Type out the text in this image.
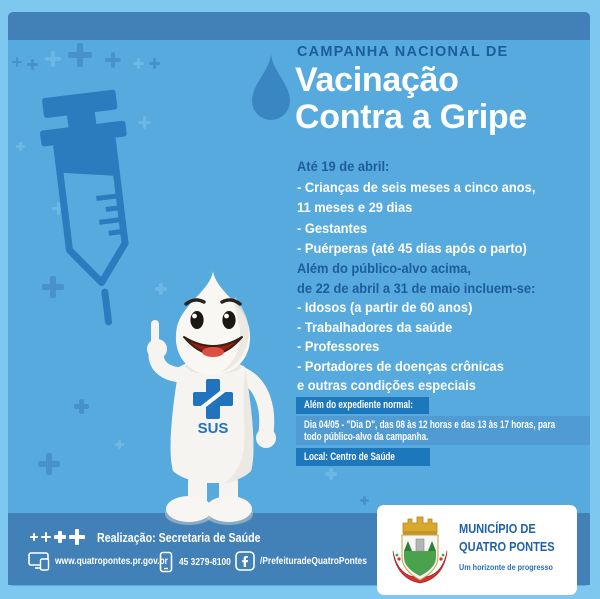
CAMPANHA NACIONAL DE
Vacinação
Contra a Gripe
Até 19 de abril:
- Crianças de seis meses a cinco anos,
11 meses e 29 dias
- Gestantes
- Puérperas (até 45 dias após o parto)
Além do público-alvo acima,
de 22 de abril a 31 de maio incluem-se:
- Idosos (a partir de 60 anos)
- Trabalhadores da saúde
- Professores
- Portadores de doenças crônicas
e outras condições especiais
Além do expediente normal:
Dia 04/05 - "Dia D", das 08 às 12 horas e das 13 às 17 horas, para
todo público-alvo da campanha.
Local: Centro de Saúde
SUS
Realização: Secretaria de Saúde
www.quatropontes.pr.gov.br 45 3279-8100	/PrefeituradeQuatroPontes
MUNICÍPIO DE
QUATRO PONTES
Um horizonte de progresso
